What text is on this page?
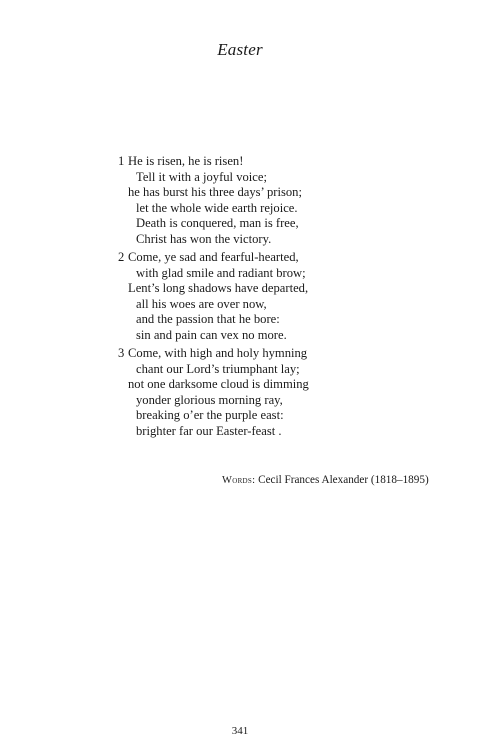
Easter
1 He is risen, he is risen!
Tell it with a joyful voice;
he has burst his three days’ prison;
let the whole wide earth rejoice.
Death is conquered, man is free,
Christ has won the victory.
2 Come, ye sad and fearful-hearted,
with glad smile and radiant brow;
Lent’s long shadows have departed,
all his woes are over now,
and the passion that he bore:
sin and pain can vex no more.
3 Come, with high and holy hymning
chant our Lord’s triumphant lay;
not one darksome cloud is dimming
yonder glorious morning ray,
breaking o’er the purple east:
brighter far our Easter-feast .
Words: Cecil Frances Alexander (1818–1895)
341
